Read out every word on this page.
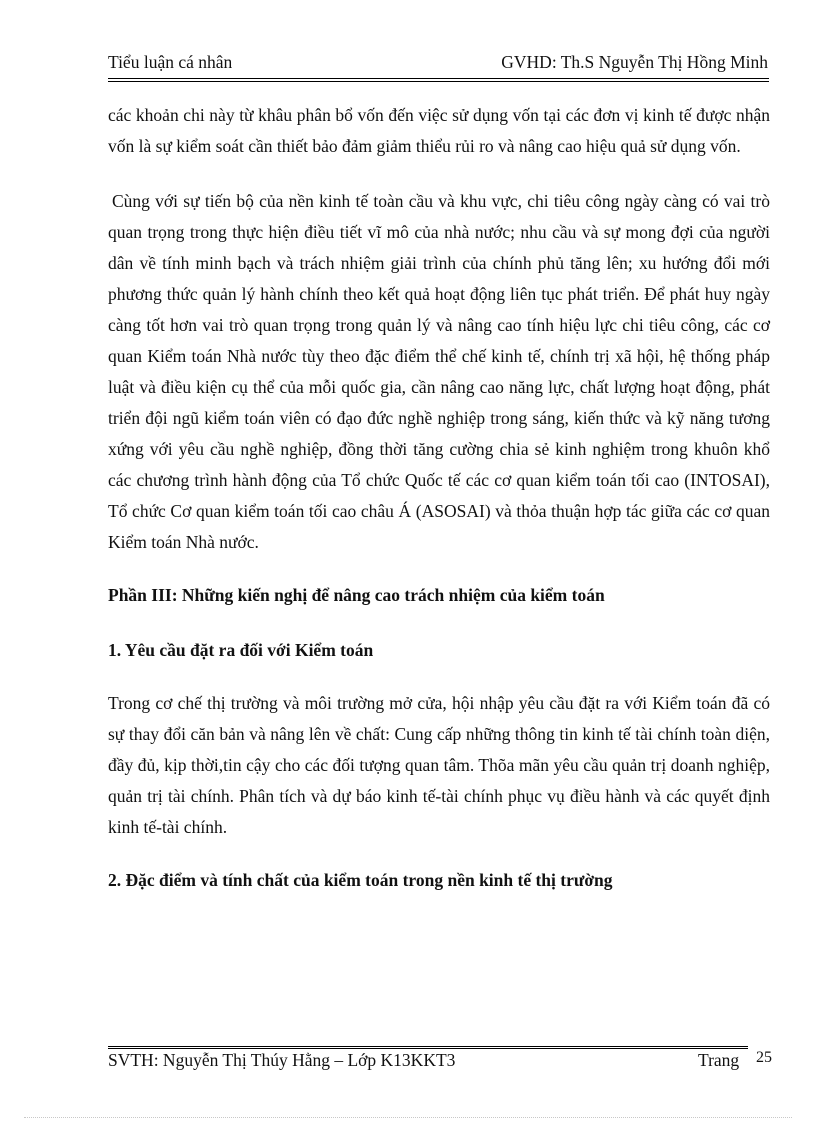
Tiểu luận cá nhân	GVHD: Th.S Nguyễn Thị Hồng Minh

các khoản chi này từ khâu phân bổ vốn đến việc sử dụng vốn tại các đơn vị kinh tế được nhận vốn là sự kiểm soát cần thiết bảo đảm giảm thiểu rủi ro và nâng cao hiệu quả sử dụng vốn.

Cùng với sự tiến bộ của nền kinh tế toàn cầu và khu vực, chi tiêu công ngày càng có vai trò quan trọng trong thực hiện điều tiết vĩ mô của nhà nước; nhu cầu và sự mong đợi của người dân về tính minh bạch và trách nhiệm giải trình của chính phủ tăng lên; xu hướng đổi mới phương thức quản lý hành chính theo kết quả hoạt động liên tục phát triển. Để phát huy ngày càng tốt hơn vai trò quan trọng trong quản lý và nâng cao tính hiệu lực chi tiêu công, các cơ quan Kiểm toán Nhà nước tùy theo đặc điểm thể chế kinh tế, chính trị xã hội, hệ thống pháp luật và điều kiện cụ thể của mỗi quốc gia, cần nâng cao năng lực, chất lượng hoạt động, phát triển đội ngũ kiểm toán viên có đạo đức nghề nghiệp trong sáng, kiến thức và kỹ năng tương xứng với yêu cầu nghề nghiệp, đồng thời tăng cường chia sẻ kinh nghiệm trong khuôn khổ các chương trình hành động của Tổ chức Quốc tế các cơ quan kiểm toán tối cao (INTOSAI), Tổ chức Cơ quan kiểm toán tối cao châu Á (ASOSAI) và thỏa thuận hợp tác giữa các cơ quan Kiểm toán Nhà nước.

Phần III: Những kiến nghị để nâng cao trách nhiệm của kiểm toán
1. Yêu cầu đặt ra đối với Kiểm toán

Trong cơ chế thị trường và môi trường mở cửa, hội nhập yêu cầu đặt ra với Kiểm toán đã có sự thay đổi căn bản và nâng lên về chất: Cung cấp những thông tin kinh tế tài chính toàn diện, đầy đủ, kịp thời,tin cậy cho các đối tượng quan tâm. Thõa mãn yêu cầu quản trị doanh nghiệp, quản trị tài chính. Phân tích và dự báo kinh tế-tài chính phục vụ điều hành và các quyết định kinh tế-tài chính.

2. Đặc điểm và tính chất của kiểm toán trong nền kinh tế thị trường
SVTH: Nguyễn Thị Thúy Hằng – Lớp K13KKT3	Trang 25
